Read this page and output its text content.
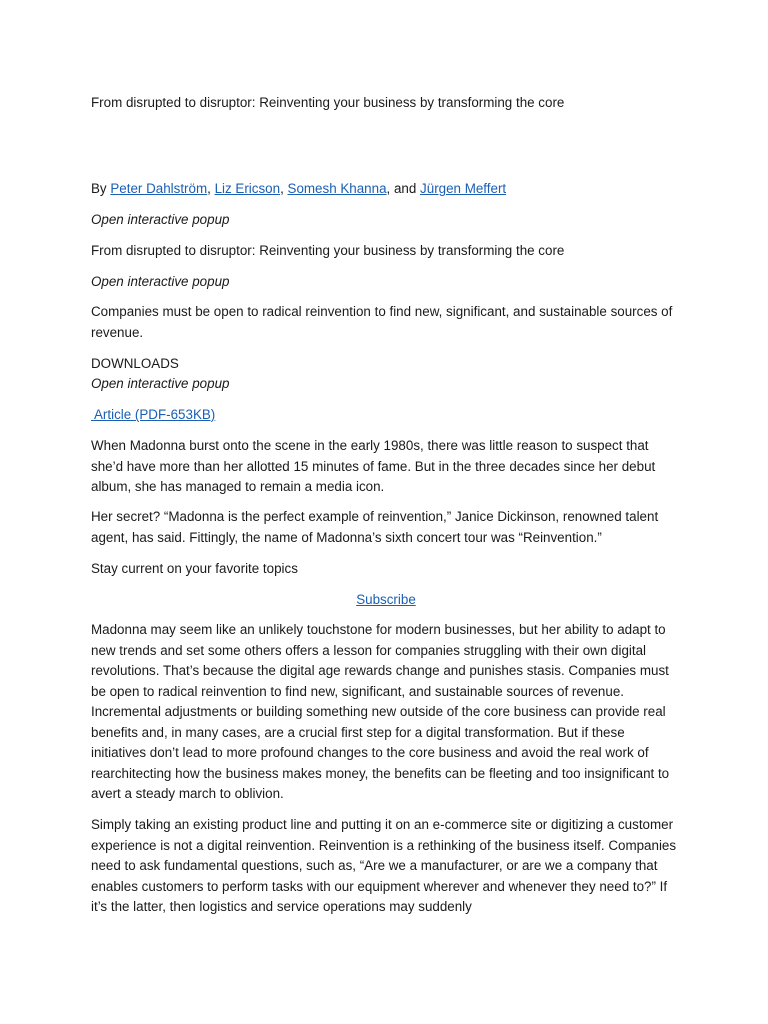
From disrupted to disruptor: Reinventing your business by transforming the core

By Peter Dahlström, Liz Ericson, Somesh Khanna, and Jürgen Meffert

Open interactive popup

From disrupted to disruptor: Reinventing your business by transforming the core

Open interactive popup

Companies must be open to radical reinvention to find new, significant, and sustainable sources of revenue.

DOWNLOADS

Open interactive popup

Article (PDF-653KB)

When Madonna burst onto the scene in the early 1980s, there was little reason to suspect that she’d have more than her allotted 15 minutes of fame. But in the three decades since her debut album, she has managed to remain a media icon.

Her secret? “Madonna is the perfect example of reinvention,” Janice Dickinson, renowned talent agent, has said. Fittingly, the name of Madonna’s sixth concert tour was “Reinvention.”

Stay current on your favorite topics

Subscribe

Madonna may seem like an unlikely touchstone for modern businesses, but her ability to adapt to new trends and set some others offers a lesson for companies struggling with their own digital revolutions. That’s because the digital age rewards change and punishes stasis. Companies must be open to radical reinvention to find new, significant, and sustainable sources of revenue. Incremental adjustments or building something new outside of the core business can provide real benefits and, in many cases, are a crucial first step for a digital transformation. But if these initiatives don’t lead to more profound changes to the core business and avoid the real work of rearchitecting how the business makes money, the benefits can be fleeting and too insignificant to avert a steady march to oblivion.

Simply taking an existing product line and putting it on an e-commerce site or digitizing a customer experience is not a digital reinvention. Reinvention is a rethinking of the business itself. Companies need to ask fundamental questions, such as, “Are we a manufacturer, or are we a company that enables customers to perform tasks with our equipment wherever and whenever they need to?” If it’s the latter, then logistics and service operations may suddenly
